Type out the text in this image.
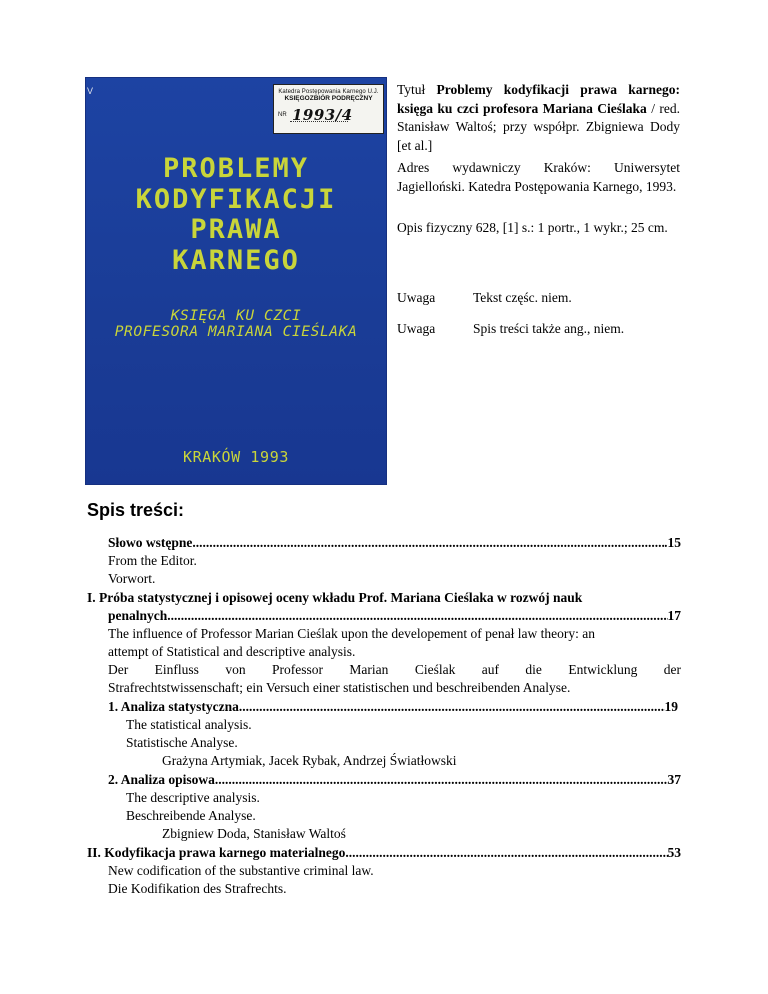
V	Katedra Postępowania Karnego U.J.
KSIĘGOZBIÓR PODRĘCZNY
NR 1993/4
PROBLEMY
KODYFIKACJI
PRAWA
KARNEGO
KSIĘGA KU CZCI
PROFESORA MARIANA CIEŚLAKA
KRAKÓW 1993
Tytuł Problemy kodyfikacji prawa karnego: księga ku czci profesora Mariana Cieślaka / red. Stanisław Waltoś; przy współpr. Zbigniewa Dody [et al.]
Adres wydawniczy Kraków: Uniwersytet Jagielloński. Katedra Postępowania Karnego, 1993.
Opis fizyczny 628, [1] s.: 1 portr., 1 wykr.; 25 cm.
Uwaga	Tekst częśc. niem.
Uwaga	Spis treści także ang., niem.
Spis treści:
Słowo wstępne .....	.15
From the Editor.
Vorwort.
I. Próba statystycznej i opisowej oceny wkładu Prof. Mariana Cieślaka w rozwój nauk
penalnych .....	17
The influence of Professor Marian Cieślak upon the developement of penał law theory: an
attempt of Statistical and descriptive analysis.
Der Einfluss von Professor Marian Cieślak auf die Entwicklung der
Strafrechtstwissenschaft; ein Versuch einer statistischen und beschreibenden Analyse.
1. Analiza statystyczna .....	19
The statistical analysis.
Statistische Analyse.
Grażyna Artymiak, Jacek Rybak, Andrzej Światłowski
2. Analiza opisowa .....	37
The descriptive analysis.
Beschreibende Analyse.
Zbigniew Doda, Stanisław Waltoś
II. Kodyfikacja prawa karnego materialnego .....	53
New codification of the substantive criminal law.
Die Kodifikation des Strafrechts.
